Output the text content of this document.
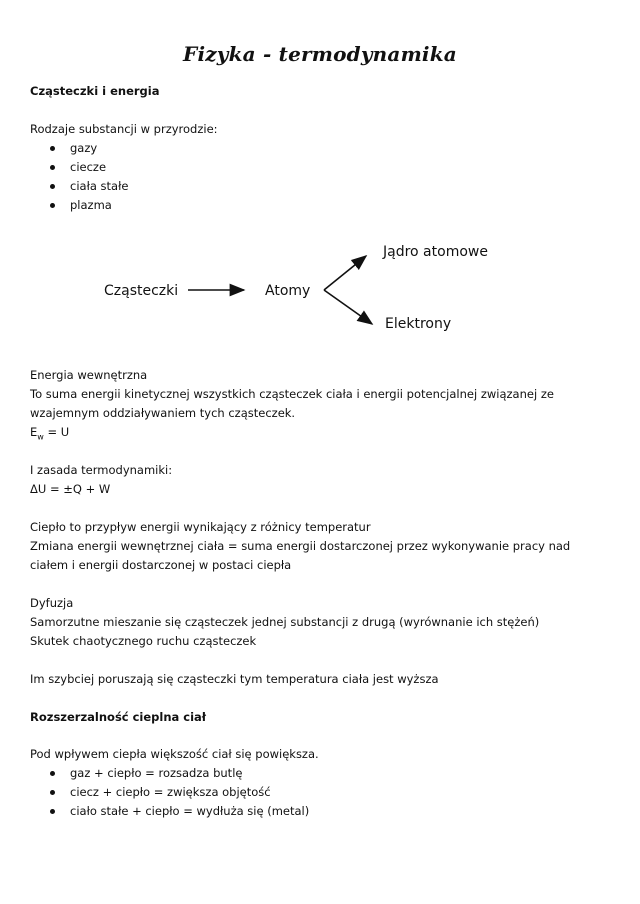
Fizyka - termodynamika
Cząsteczki i energia
Rodzaje substancji w przyrodzie:
gazy
ciecze
ciała stałe
plazma
Cząsteczki	Atomy
Jądro atomowe
Elektrony
Energia wewnętrzna
To suma energii kinetycznej wszystkich cząsteczek ciała i energii potencjalnej związanej ze wzajemnym oddziaływaniem tych cząsteczek.
$E_w = U$
I zasada termodynamiki:
ΔU = ±Q + W
Ciepło to przypływ energii wynikający z różnicy temperatur
Zmiana energii wewnętrznej ciała = suma energii dostarczonej przez wykonywanie pracy nad ciałem i energii dostarczonej w postaci ciepła
Dyfuzja
Samorzutne mieszanie się cząsteczek jednej substancji z drugą (wyrównanie ich stężeń)
Skutek chaotycznego ruchu cząsteczek
Im szybciej poruszają się cząsteczki tym temperatura ciała jest wyższa
Rozszerzalność cieplna ciał
Pod wpływem ciepła większość ciał się powiększa.
gaz + ciepło = rozsadza butlę
ciecz + ciepło = zwiększa objętość
ciało stałe + ciepło = wydłuża się (metal)
